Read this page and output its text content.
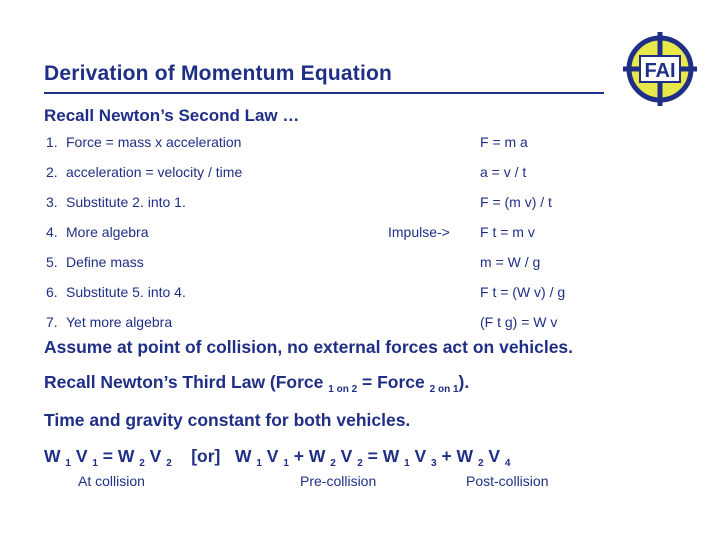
FAI
Derivation of Momentum Equation
Recall Newton’s Second Law …
1. Force = mass x acceleration	F = m a
2. acceleration = velocity / time	a = v / t
3. Substitute 2. into 1.	F = (m v) / t
4. More algebra	Impulse-> F t = m v
5. Define mass	m = W / g
6. Substitute 5. into 4.	F t = (W v) / g
7. Yet more algebra	(F t g) = W v
Assume at point of collision, no external forces act on vehicles.
Recall Newton’s Third Law (Force $_{1 on 2}$ = Force $_{2 on 1}$).
Time and gravity constant for both vehicles.
W $_1$ V $_1$ = W $_2$ V $_2$    [or]   W $_1$ V $_1$ + W $_2$ V $_2$ = W $_1$ V $_3$ + W $_2$ V $_4$
At collision	Pre-collision	Post-collision
